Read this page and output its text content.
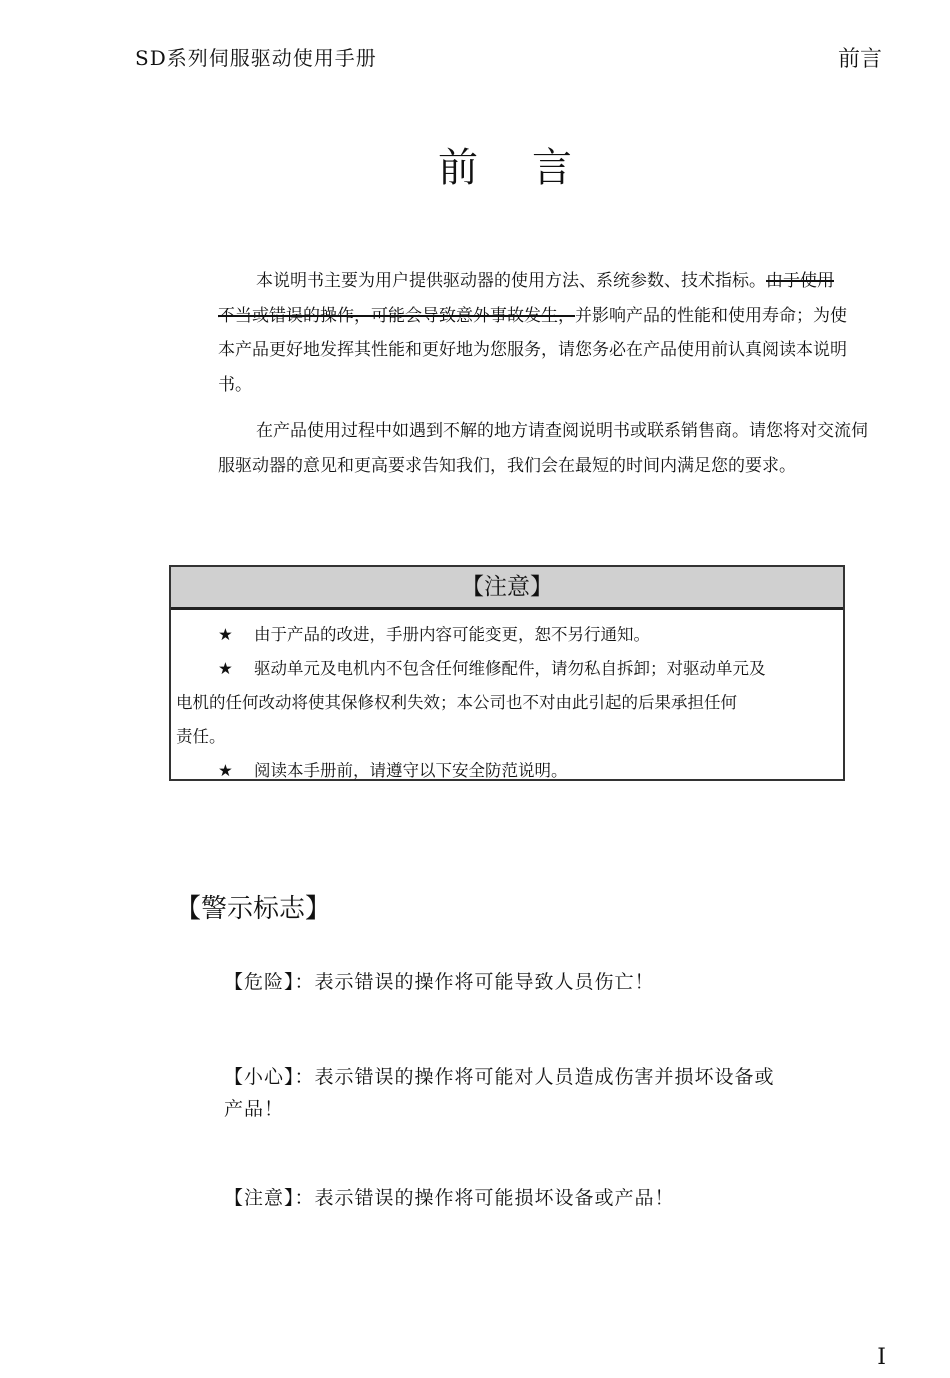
SD系列伺服驱动使用手册	前言
前 言
本说明书主要为用户提供驱动器的使用方法、系统参数、技术指标。由于使用不当或错误的操作，可能会导致意外事故发生，并影响产品的性能和使用寿命；为使本产品更好地发挥其性能和更好地为您服务，请您务必在产品使用前认真阅读本说明书。
在产品使用过程中如遇到不解的地方请查阅说明书或联系销售商。请您将对交流伺服驱动器的意见和更高要求告知我们，我们会在最短的时间内满足您的要求。
【注意】
★ 由于产品的改进，手册内容可能变更，恕不另行通知。
★ 驱动单元及电机内不包含任何维修配件，请勿私自拆卸；对驱动单元及
电机的任何改动将使其保修权利失效；本公司也不对由此引起的后果承担任何
责任。
★ 阅读本手册前，请遵守以下安全防范说明。
【警示标志】
【危险】：表示错误的操作将可能导致人员伤亡！
【小心】：表示错误的操作将可能对人员造成伤害并损坏设备或
产品！
【注意】：表示错误的操作将可能损坏设备或产品！
I
